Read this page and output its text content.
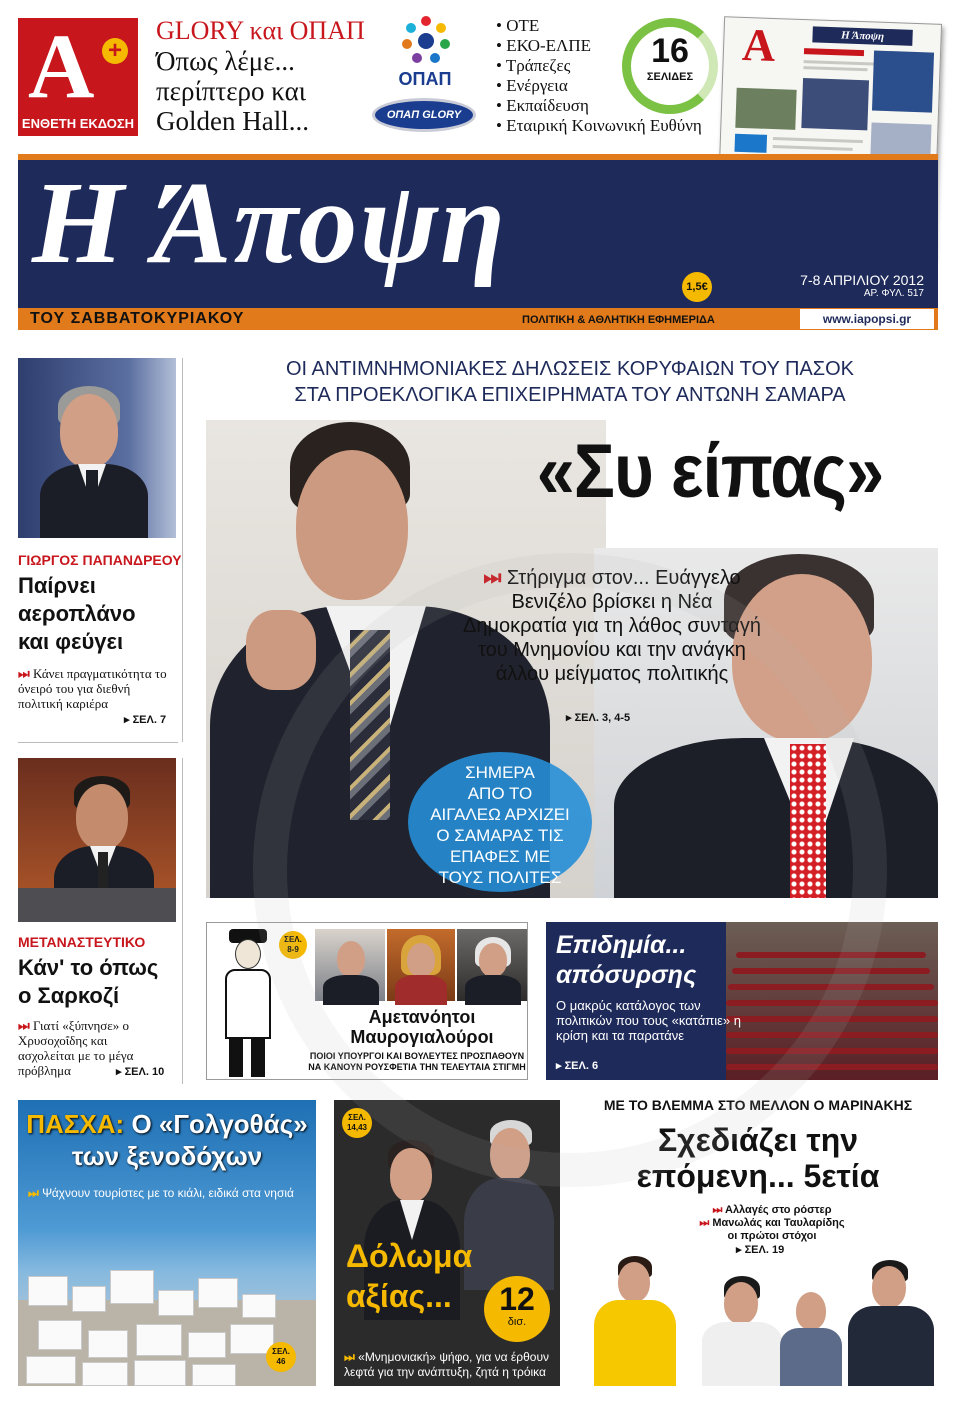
A +
ΕΝΘΕΤΗ ΕΚΔΟΣΗ
GLORY και ΟΠΑΠ
Όπως λέμε...
περίπτερο και
Golden Hall...
ΟΠΑΠ
ΟΠΑΠ GLORY
• ΟΤΕ
• ΕΚΟ-ΕΛΠΕ
• Τράπεζες
• Ενέργεια
• Εκπαίδευση
• Εταιρική Κοινωνική Ευθύνη
16
ΣΕΛΙΔΕΣ
A	Η Άποψη
Η Άποψη	1,5€	7-8 ΑΠΡΙΛΙΟΥ 2012
ΑΡ. ΦΥΛ. 517
ΤΟΥ ΣΑΒΒΑΤΟΚΥΡΙΑΚΟΥ	ΠΟΛΙΤΙΚΗ & ΑΘΛΗΤΙΚΗ ΕΦΗΜΕΡΙΔΑ	www.iapopsi.gr
ΓΙΩΡΓΟΣ ΠΑΠΑΝΔΡΕΟΥ
Παίρνει
αεροπλάνο
και φεύγει
⏭ Κάνει πραγματικότητα το όνειρό του για διεθνή πολιτική καριέρα
▸ ΣΕΛ. 7
ΜΕΤΑΝΑΣΤΕΥΤΙΚΟ
Κάν' το όπως
ο Σαρκοζί
⏭ Γιατί «ξύπνησε» ο Χρυσοχοΐδης και ασχολείται με το μέγα πρόβλημα	▸ ΣΕΛ. 10
ΟΙ ΑΝΤΙΜΝΗΜΟΝΙΑΚΕΣ ΔΗΛΩΣΕΙΣ ΚΟΡΥΦΑΙΩΝ ΤΟΥ ΠΑΣΟΚ
ΣΤΑ ΠΡΟΕΚΛΟΓΙΚΑ ΕΠΙΧΕΙΡΗΜΑΤΑ ΤΟΥ ΑΝΤΩΝΗ ΣΑΜΑΡΑ
«Συ είπας»
⏭ Στήριγμα στον... Ευάγγελο Βενιζέλο βρίσκει η Νέα Δημοκρατία για τη λάθος συνταγή του Μνημονίου και την ανάγκη άλλου μείγματος πολιτικής
▸ ΣΕΛ. 3, 4-5
ΣΗΜΕΡΑ
ΑΠΟ ΤΟ
ΑΙΓΑΛΕΩ ΑΡΧΙΖΕΙ
Ο ΣΑΜΑΡΑΣ ΤΙΣ
ΕΠΑΦΕΣ ΜΕ
ΤΟΥΣ ΠΟΛΙΤΕΣ
ΣΕΛ.
8-9
Αμετανόητοι
Μαυρογιαλούροι
ΠΟΙΟΙ ΥΠΟΥΡΓΟΙ ΚΑΙ ΒΟΥΛΕΥΤΕΣ ΠΡΟΣΠΑΘΟΥΝ
ΝΑ ΚΑΝΟΥΝ ΡΟΥΣΦΕΤΙΑ ΤΗΝ ΤΕΛΕΥΤΑΙΑ ΣΤΙΓΜΗ
Επιδημία...
απόσυρσης
Ο μακρύς κατάλογος των πολιτικών που τους «κατάπιε» η κρίση και τα παρατάνε
▸ ΣΕΛ. 6
ΠΑΣΧΑ: Ο «Γολγοθάς»
των ξενοδόχων
⏭ Ψάχνουν τουρίστες με το κιάλι, ειδικά στα νησιά
ΣΕΛ.
46
ΣΕΛ.
14,43
Δόλωμα
αξίας...	12
δισ.
⏭ «Μνημονιακή» ψήφο, για να έρθουν λεφτά για την ανάπτυξη, ζητά η τρόικα
ΜΕ ΤΟ ΒΛΕΜΜΑ ΣΤΟ ΜΕΛΛΟΝ Ο ΜΑΡΙΝΑΚΗΣ
Σχεδιάζει την
επόμενη... 5ετία
⏭ Αλλαγές στο ρόστερ
⏭ Μανωλάς και Ταυλαρίδης
οι πρώτοι στόχοι
▸ ΣΕΛ. 19
